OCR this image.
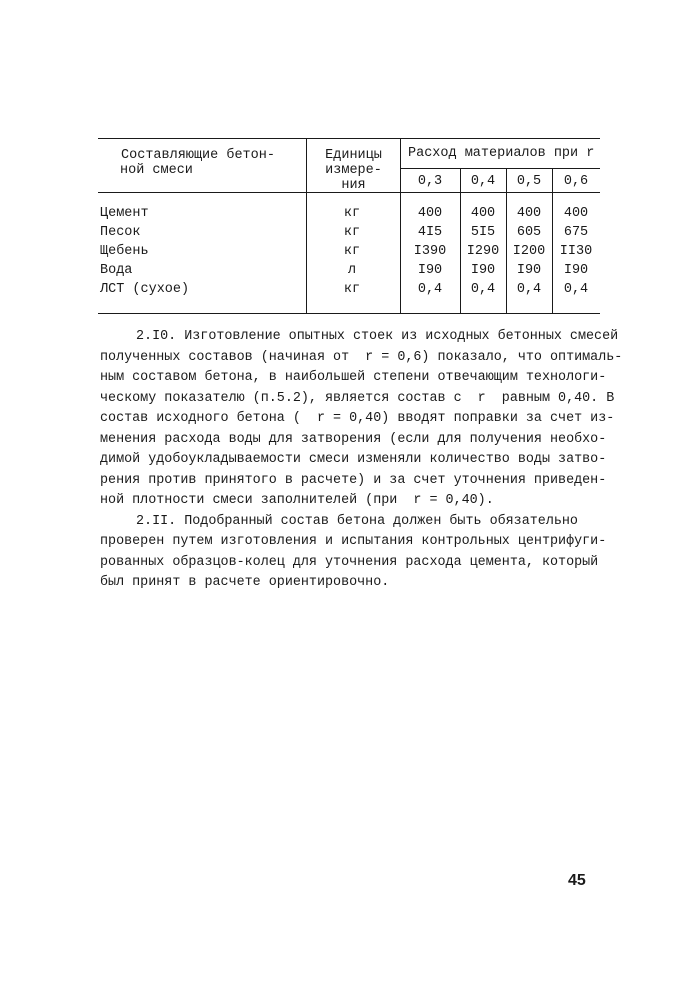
Составляющие бетон-
ной смеси
Единицы
измере-
ния
Расход материалов при r
0,3	0,4	0,5	0,6
Цемент	кг	400	400	400	400
Песок	кг	4I5	5I5	605	675
Щебень	кг	I390	I290	I200	II30
Вода	л	I90	I90	I90	I90
ЛСТ (сухое)	кг	0,4	0,4	0,4	0,4
2.I0. Изготовление опытных стоек из исходных бетонных смесей
полученных составов (начиная от  r = 0,6) показало, что оптималь-
ным составом бетона, в наибольшей степени отвечающим технологи-
ческому показателю (п.5.2), является состав с  r  равным 0,40. В
состав исходного бетона (  r = 0,40) вводят поправки за счет из-
менения расхода воды для затворения (если для получения необхо-
димой удобоукладываемости смеси изменяли количество воды затво-
рения против принятого в расчете) и за счет уточнения приведен-
ной плотности смеси заполнителей (при  r = 0,40).
2.II. Подобранный состав бетона должен быть обязательно
проверен путем изготовления и испытания контрольных центрифуги-
рованных образцов-колец для уточнения расхода цемента, который
был принят в расчете ориентировочно.
45
